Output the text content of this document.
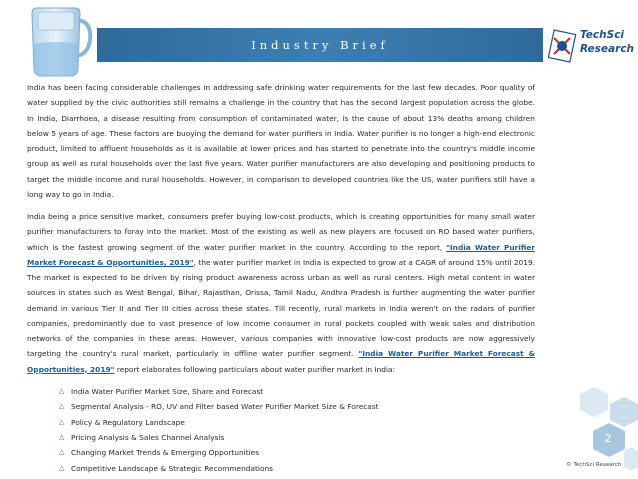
Industry Brief
TechSci
Research

India has been facing considerable challenges in addressing safe drinking water requirements for the last few decades. Poor quality of water supplied by the civic authorities still remains a challenge in the country that has the second largest population across the globe. In India, Diarrhoea, a disease resulting from consumption of contaminated water, is the cause of about 13% deaths among children below 5 years of age. These factors are buoying the demand for water purifiers in India. Water purifier is no longer a high-end electronic product, limited to affluent households as it is available at lower prices and has started to penetrate into the country's middle income group as well as rural households over the last five years. Water purifier manufacturers are also developing and positioning products to target the middle income and rural households. However, in comparison to developed countries like the US, water purifiers still have a long way to go in India.

India being a price sensitive market, consumers prefer buying low-cost products, which is creating opportunities for many small water purifier manufacturers to foray into the market. Most of the existing as well as new players are focused on RO based water purifiers, which is the fastest growing segment of the water purifier market in the country. According to the report, "India Water Purifier Market Forecast & Opportunities, 2019", the water purifier market in India is expected to grow at a CAGR of around 15% until 2019. The market is expected to be driven by rising product awareness across urban as well as rural centers. High metal content in water sources in states such as West Bengal, Bihar, Rajasthan, Orissa, Tamil Nadu, Andhra Pradesh is further augmenting the water purifier demand in various Tier II and Tier III cities across these states. Till recently, rural markets in India weren't on the radars of purifier companies, predominantly due to vast presence of low income consumer in rural pockets coupled with weak sales and distribution networks of the companies in these areas. However, various companies with innovative low-cost products are now aggressively targeting the country's rural market, particularly in offline water purifier segment. "India Water Purifier Market Forecast & Opportunities, 2019" report elaborates following particulars about water purifier market in India:

△ India Water Purifier Market Size, Share and Forecast
△ Segmental Analysis - RO, UV and Filter based Water Purifier Market Size & Forecast
△ Policy & Regulatory Landscape
△ Pricing Analysis & Sales Channel Analysis
△ Changing Market Trends & Emerging Opportunities
△ Competitive Landscape & Strategic Recommendations
2
© TechSci Research
